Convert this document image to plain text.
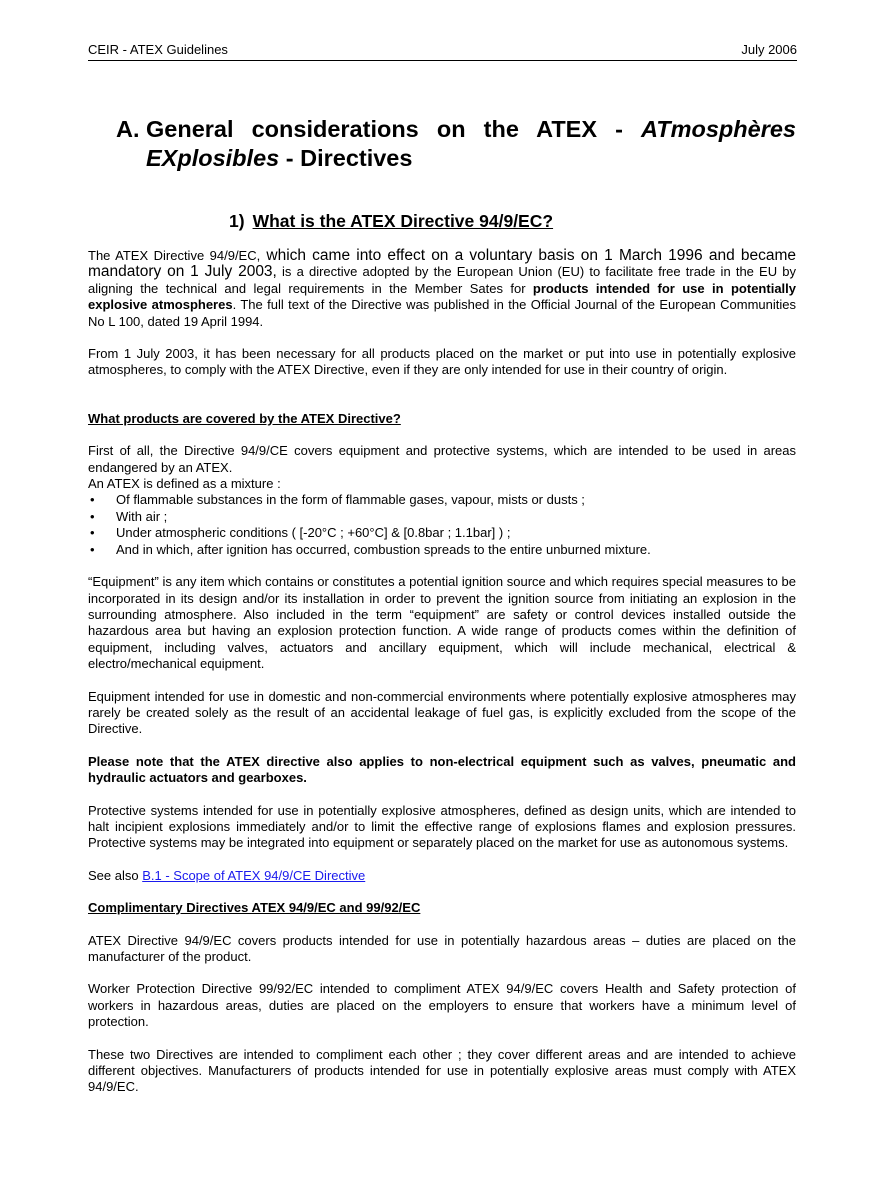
CEIR - ATEX Guidelines	July 2006
A. General considerations on the ATEX - ATmosphères
EXplosibles - Directives
1) What is the ATEX Directive 94/9/EC?

The ATEX Directive 94/9/EC, which came into effect on a voluntary basis on 1 March 1996 and became mandatory on 1 July 2003, is a directive adopted by the European Union (EU) to facilitate free trade in the EU by aligning the technical and legal requirements in the Member Sates for products intended for use in potentially explosive atmospheres. The full text of the Directive was published in the Official Journal of the European Communities No L 100, dated 19 April 1994.

From 1 July 2003, it has been necessary for all products placed on the market or put into use in potentially explosive atmospheres, to comply with the ATEX Directive, even if they are only intended for use in their country of origin.

What products are covered by the ATEX Directive?

First of all, the Directive 94/9/CE covers equipment and protective systems, which are intended to be used in areas endangered by an ATEX.

An ATEX is defined as a mixture :

• Of flammable substances in the form of flammable gases, vapour, mists or dusts ;
• With air ;
• Under atmospheric conditions ( [-20°C ; +60°C] & [0.8bar ; 1.1bar] ) ;
• And in which, after ignition has occurred, combustion spreads to the entire unburned mixture.

“Equipment” is any item which contains or constitutes a potential ignition source and which requires special measures to be incorporated in its design and/or its installation in order to prevent the ignition source from initiating an explosion in the surrounding atmosphere. Also included in the term “equipment” are safety or control devices installed outside the hazardous area but having an explosion protection function. A wide range of products comes within the definition of equipment, including valves, actuators and ancillary equipment, which will include mechanical, electrical & electro/mechanical equipment.

Equipment intended for use in domestic and non-commercial environments where potentially explosive atmospheres may rarely be created solely as the result of an accidental leakage of fuel gas, is explicitly excluded from the scope of the Directive.

Please note that the ATEX directive also applies to non-electrical equipment such as valves, pneumatic and hydraulic actuators and gearboxes.

Protective systems intended for use in potentially explosive atmospheres, defined as design units, which are intended to halt incipient explosions immediately and/or to limit the effective range of explosions flames and explosion pressures. Protective systems may be integrated into equipment or separately placed on the market for use as autonomous systems.

See also B.1 - Scope of ATEX 94/9/CE Directive

Complimentary Directives ATEX 94/9/EC and 99/92/EC

ATEX Directive 94/9/EC covers products intended for use in potentially hazardous areas – duties are placed on the manufacturer of the product.

Worker Protection Directive 99/92/EC intended to compliment ATEX 94/9/EC covers Health and Safety protection of workers in hazardous areas, duties are placed on the employers to ensure that workers have a minimum level of protection.

These two Directives are intended to compliment each other ; they cover different areas and are intended to achieve different objectives. Manufacturers of products intended for use in potentially explosive areas must comply with ATEX 94/9/EC.
